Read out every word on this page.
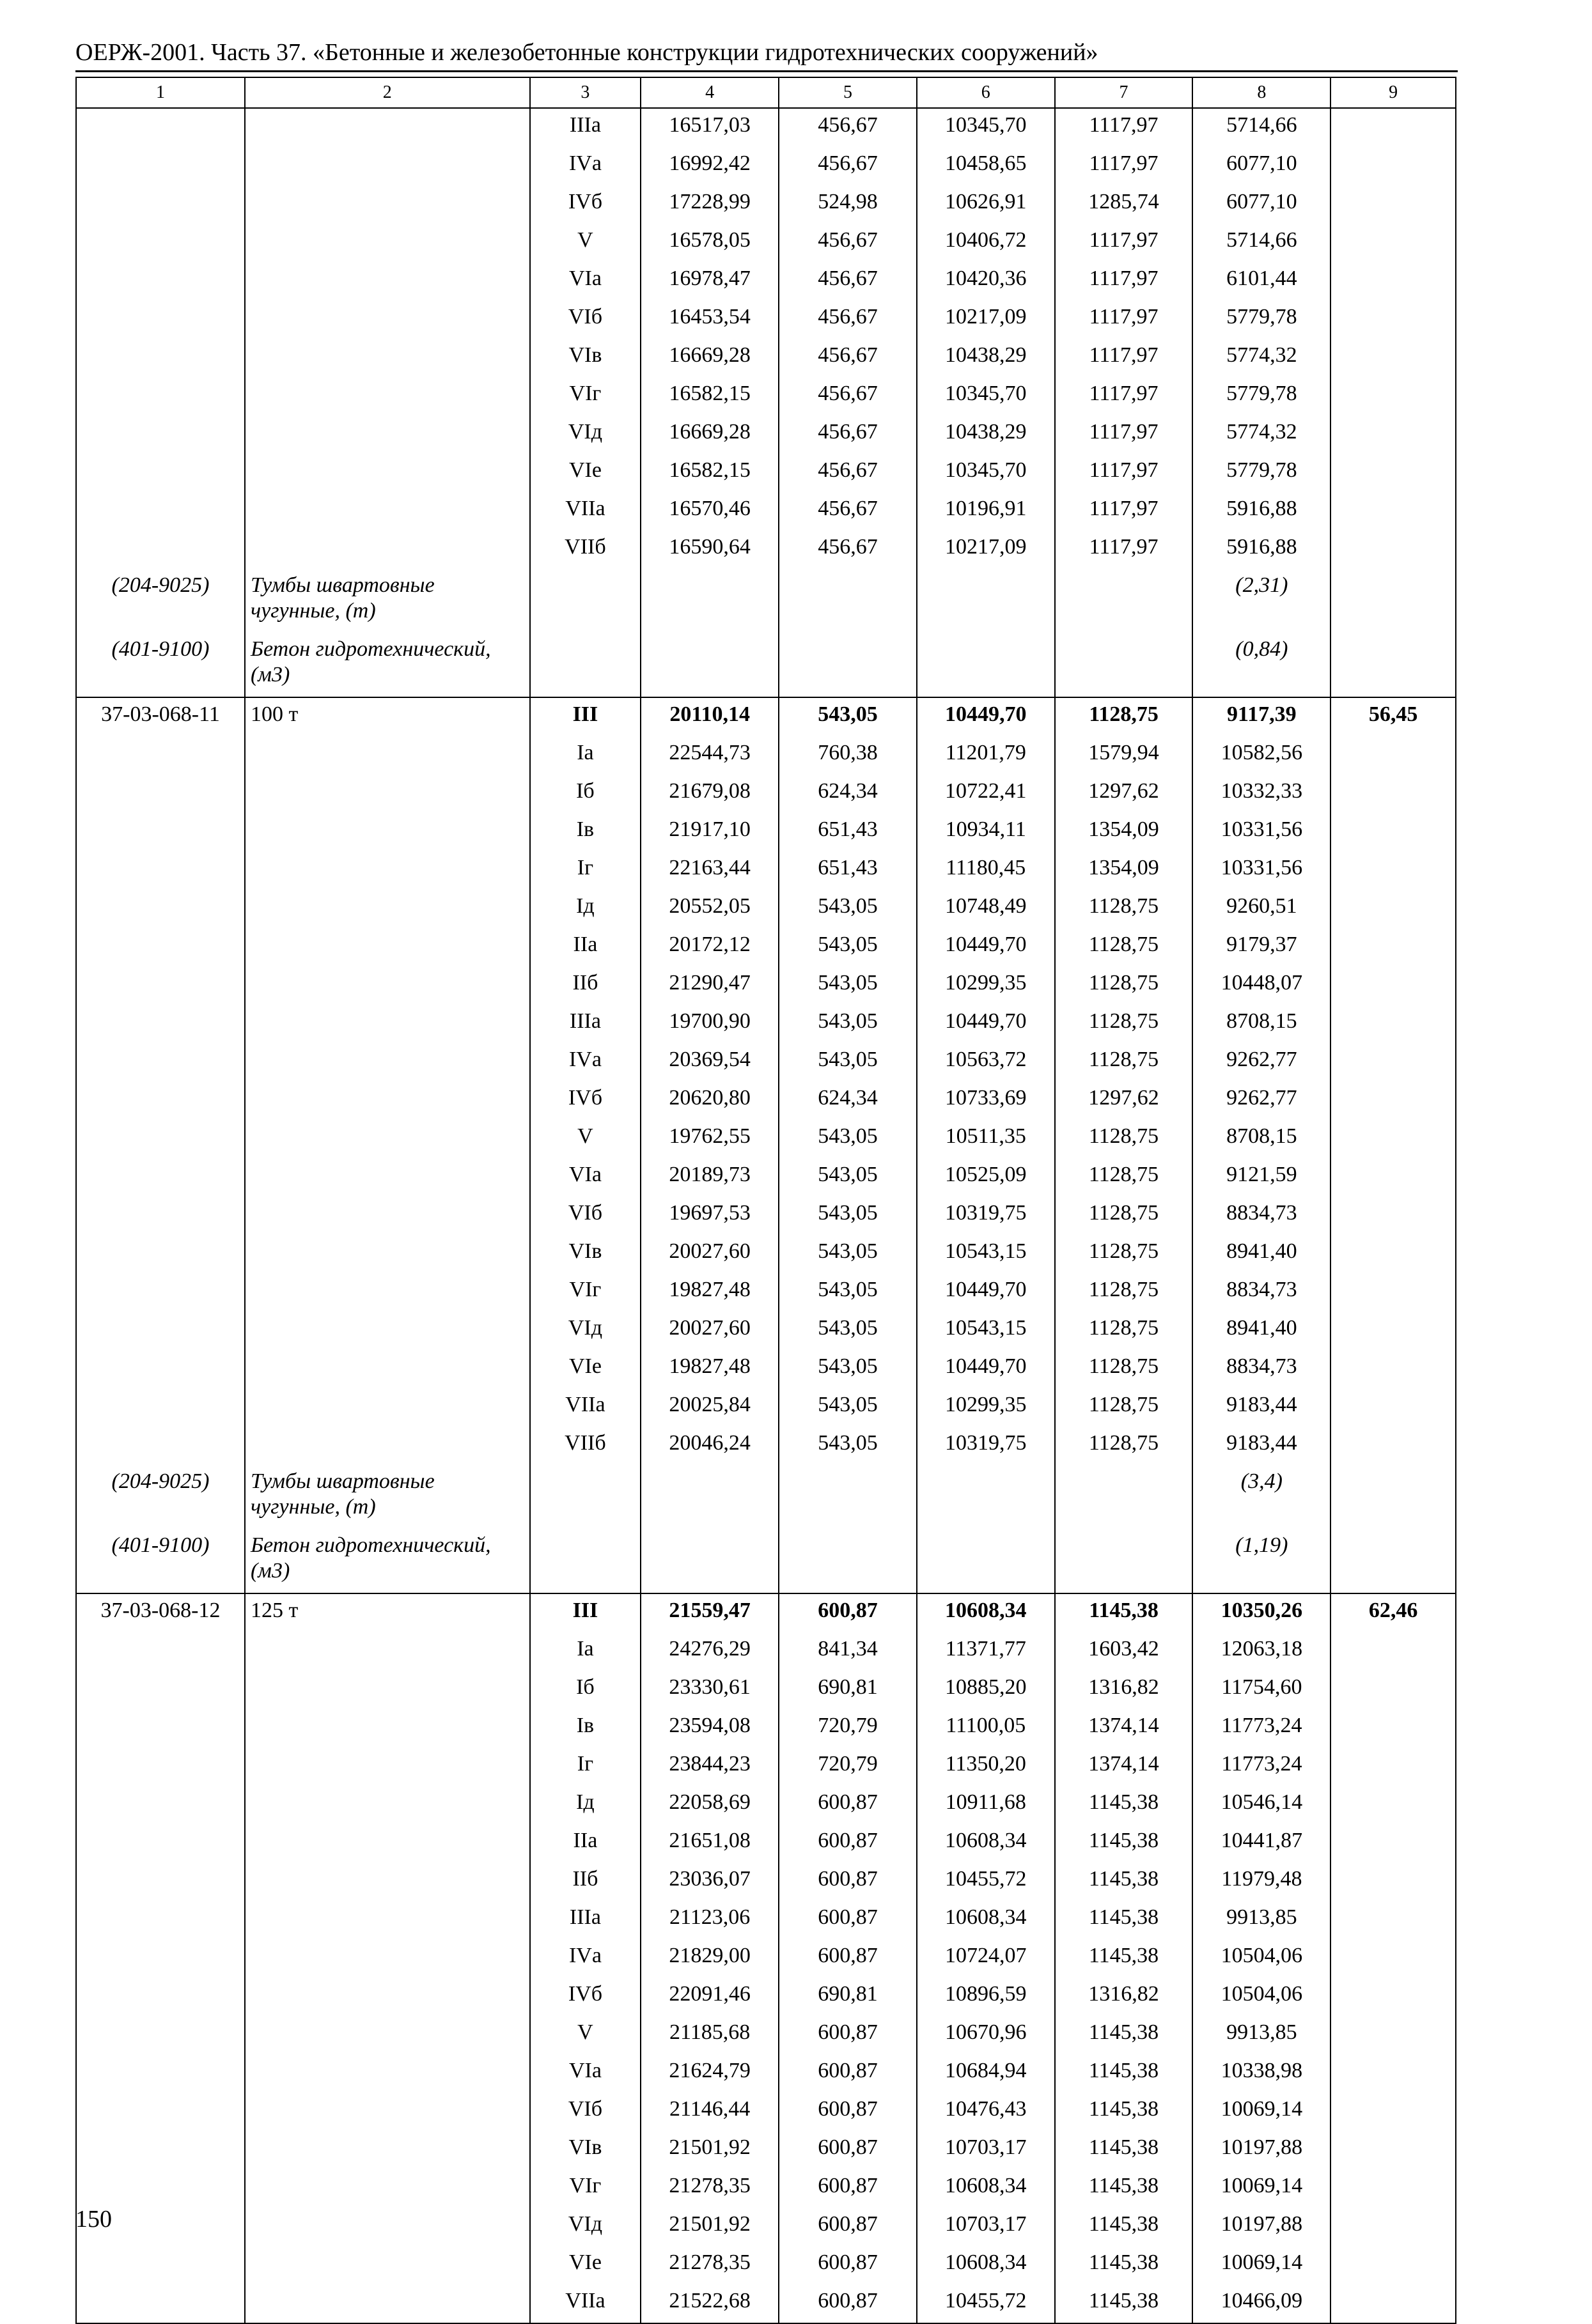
ОЕРЖ-2001. Часть 37. «Бетонные и железобетонные конструкции гидротехнических сооружений»
1	2	3	4	5	6	7	8	9
		IIIа	16517,03	456,67	10345,70	1117,97	5714,66	
		IVа	16992,42	456,67	10458,65	1117,97	6077,10	
		IVб	17228,99	524,98	10626,91	1285,74	6077,10	
		V	16578,05	456,67	10406,72	1117,97	5714,66	
		VIа	16978,47	456,67	10420,36	1117,97	6101,44	
		VIб	16453,54	456,67	10217,09	1117,97	5779,78	
		VIв	16669,28	456,67	10438,29	1117,97	5774,32	
		VIг	16582,15	456,67	10345,70	1117,97	5779,78	
		VIд	16669,28	456,67	10438,29	1117,97	5774,32	
		VIе	16582,15	456,67	10345,70	1117,97	5779,78	
		VIIа	16570,46	456,67	10196,91	1117,97	5916,88	
		VIIб	16590,64	456,67	10217,09	1117,97	5916,88	
(204-9025)	Тумбы швартовные чугунные, (т)						(2,31)	
(401-9100)	Бетон гидротехнический, (м3)						(0,84)	
37-03-068-11	100 т	III	20110,14	543,05	10449,70	1128,75	9117,39	56,45
		Iа	22544,73	760,38	11201,79	1579,94	10582,56	
		Iб	21679,08	624,34	10722,41	1297,62	10332,33	
		Iв	21917,10	651,43	10934,11	1354,09	10331,56	
		Iг	22163,44	651,43	11180,45	1354,09	10331,56	
		Iд	20552,05	543,05	10748,49	1128,75	9260,51	
		IIа	20172,12	543,05	10449,70	1128,75	9179,37	
		IIб	21290,47	543,05	10299,35	1128,75	10448,07	
		IIIа	19700,90	543,05	10449,70	1128,75	8708,15	
		IVа	20369,54	543,05	10563,72	1128,75	9262,77	
		IVб	20620,80	624,34	10733,69	1297,62	9262,77	
		V	19762,55	543,05	10511,35	1128,75	8708,15	
		VIа	20189,73	543,05	10525,09	1128,75	9121,59	
		VIб	19697,53	543,05	10319,75	1128,75	8834,73	
		VIв	20027,60	543,05	10543,15	1128,75	8941,40	
		VIг	19827,48	543,05	10449,70	1128,75	8834,73	
		VIд	20027,60	543,05	10543,15	1128,75	8941,40	
		VIе	19827,48	543,05	10449,70	1128,75	8834,73	
		VIIа	20025,84	543,05	10299,35	1128,75	9183,44	
		VIIб	20046,24	543,05	10319,75	1128,75	9183,44	
(204-9025)	Тумбы швартовные чугунные, (т)						(3,4)	
(401-9100)	Бетон гидротехнический, (м3)						(1,19)	
37-03-068-12	125 т	III	21559,47	600,87	10608,34	1145,38	10350,26	62,46
		Iа	24276,29	841,34	11371,77	1603,42	12063,18	
		Iб	23330,61	690,81	10885,20	1316,82	11754,60	
		Iв	23594,08	720,79	11100,05	1374,14	11773,24	
		Iг	23844,23	720,79	11350,20	1374,14	11773,24	
		Iд	22058,69	600,87	10911,68	1145,38	10546,14	
		IIа	21651,08	600,87	10608,34	1145,38	10441,87	
		IIб	23036,07	600,87	10455,72	1145,38	11979,48	
		IIIа	21123,06	600,87	10608,34	1145,38	9913,85	
		IVа	21829,00	600,87	10724,07	1145,38	10504,06	
		IVб	22091,46	690,81	10896,59	1316,82	10504,06	
		V	21185,68	600,87	10670,96	1145,38	9913,85	
		VIа	21624,79	600,87	10684,94	1145,38	10338,98	
		VIб	21146,44	600,87	10476,43	1145,38	10069,14	
		VIв	21501,92	600,87	10703,17	1145,38	10197,88	
		VIг	21278,35	600,87	10608,34	1145,38	10069,14	
		VIд	21501,92	600,87	10703,17	1145,38	10197,88	
		VIе	21278,35	600,87	10608,34	1145,38	10069,14	
		VIIа	21522,68	600,87	10455,72	1145,38	10466,09	
150
